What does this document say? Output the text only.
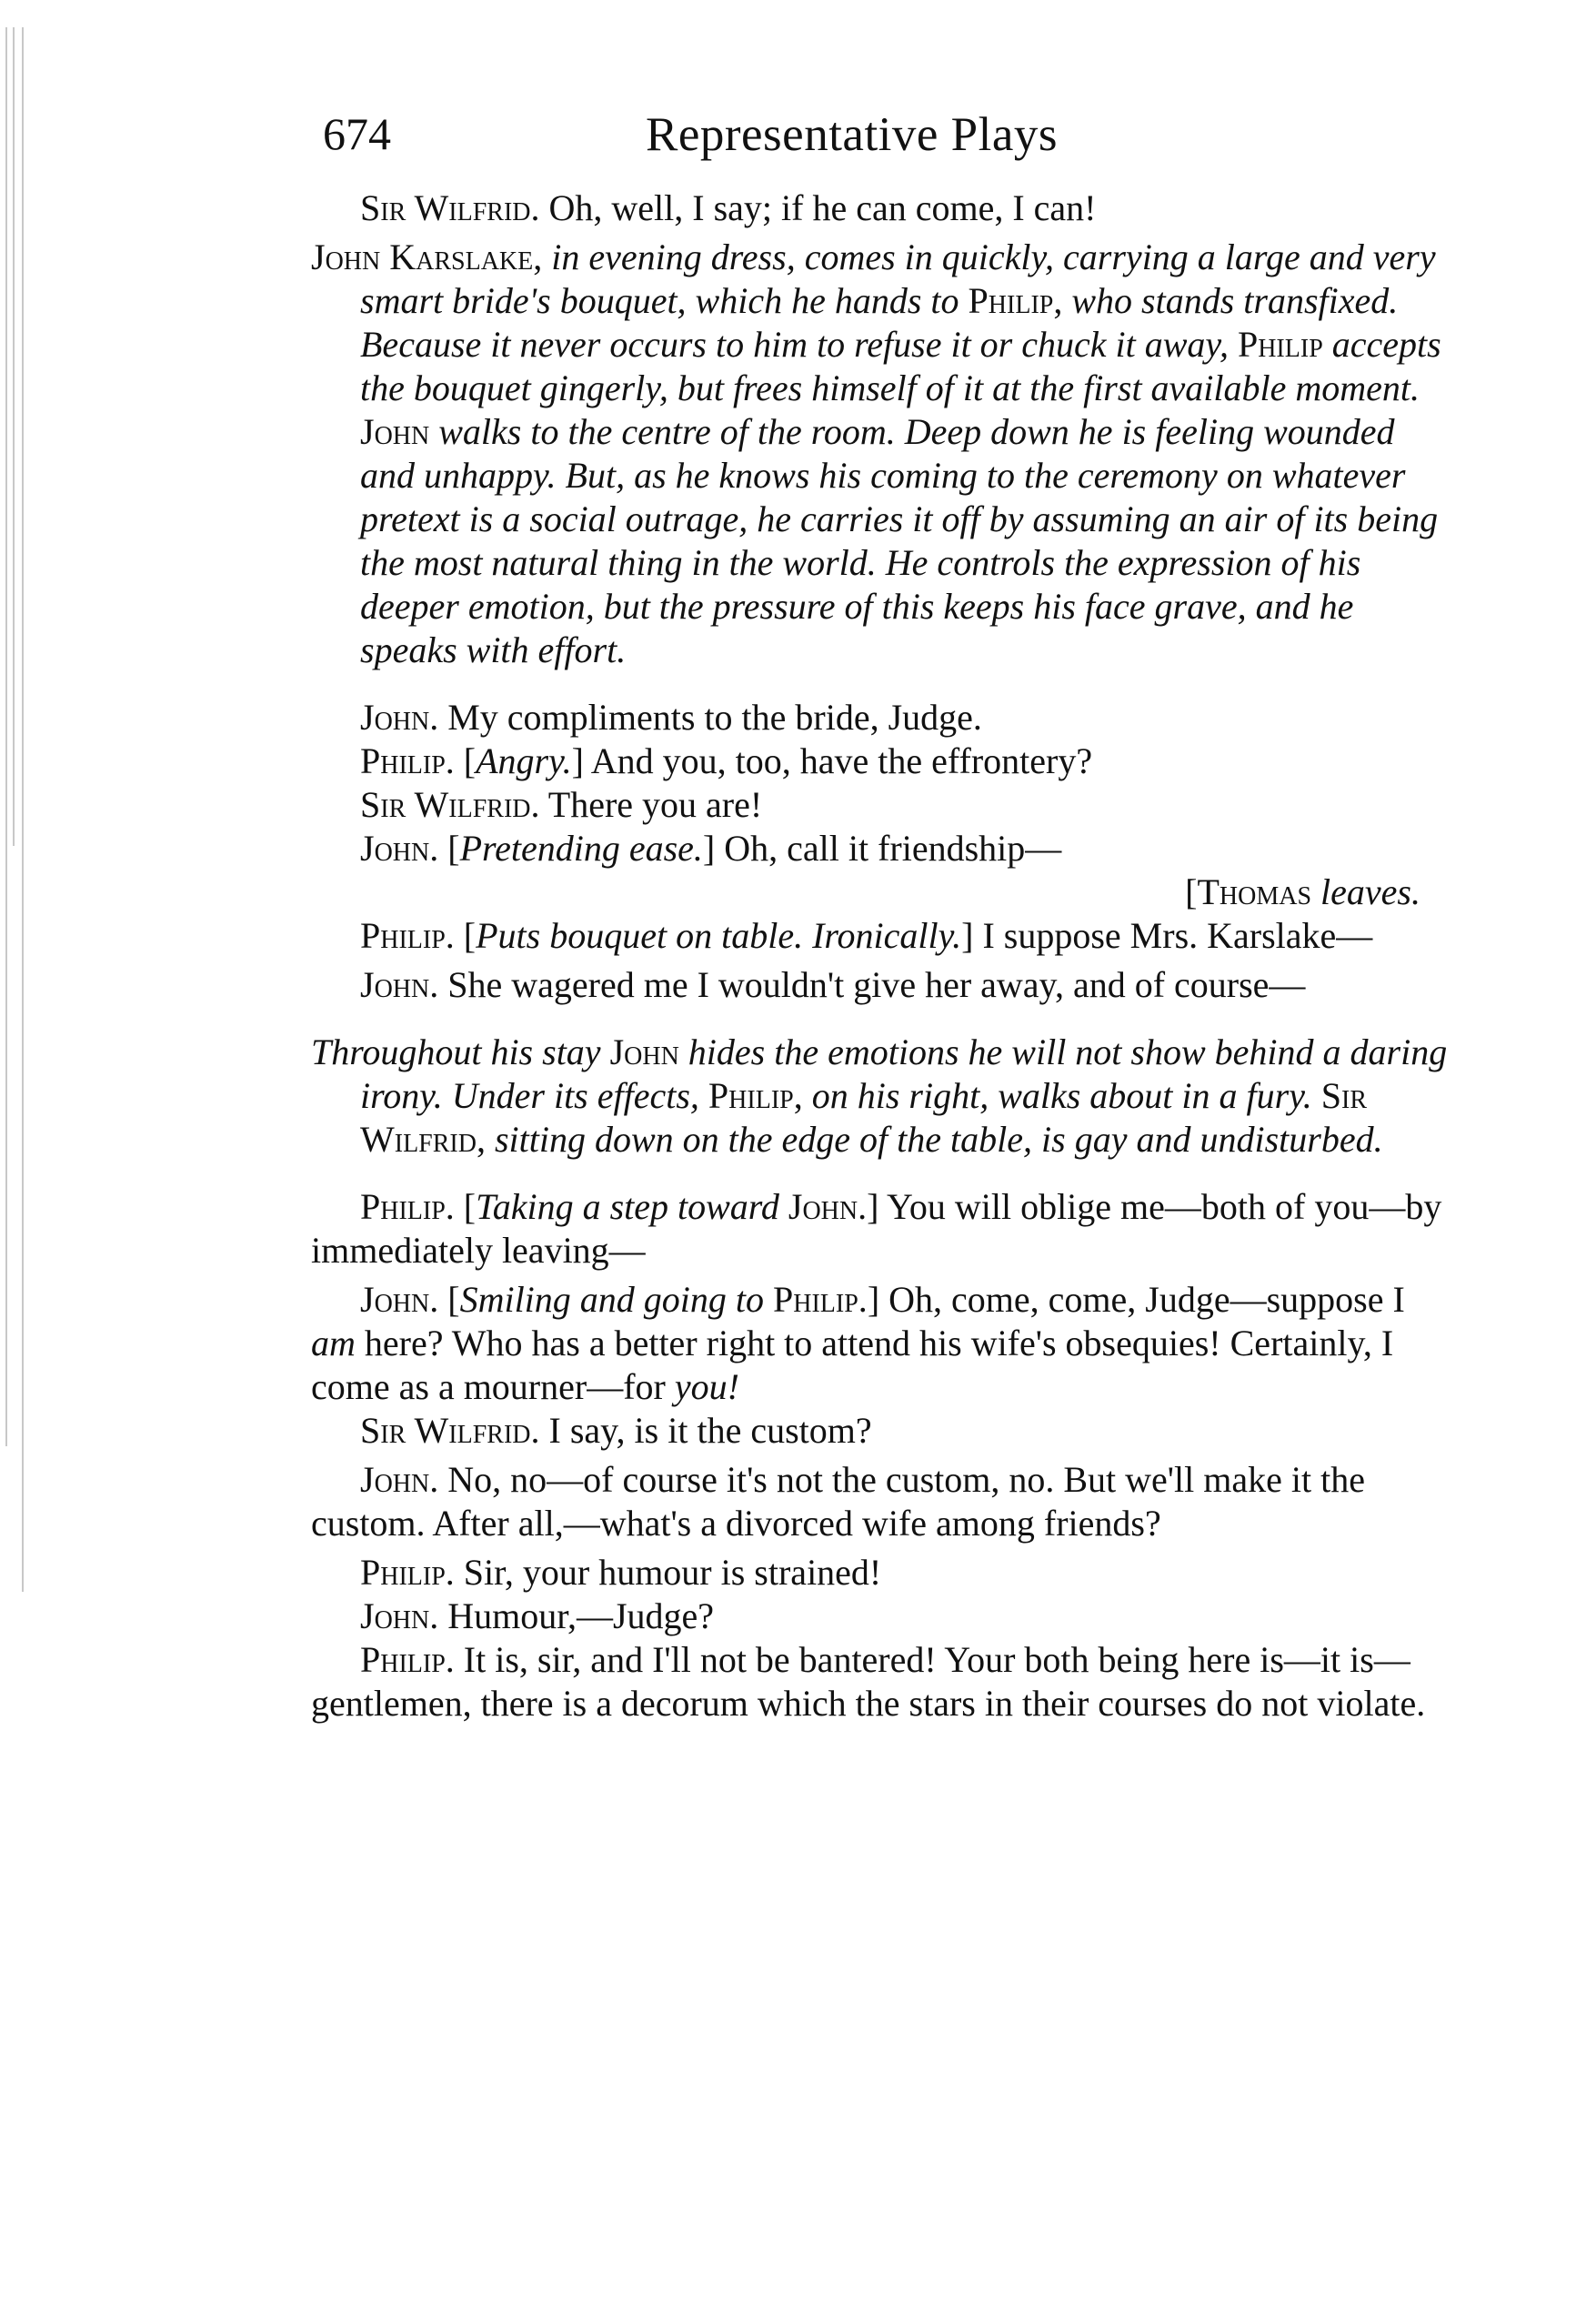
674	Representative Plays

Sir Wilfrid. Oh, well, I say; if he can come, I can!

John Karslake, in evening dress, comes in quickly, carrying a large and very smart bride's bouquet, which he hands to Philip, who stands transfixed. Because it never occurs to him to refuse it or chuck it away, Philip accepts the bouquet gingerly, but frees himself of it at the first available moment. John walks to the centre of the room. Deep down he is feeling wounded and unhappy. But, as he knows his coming to the ceremony on whatever pretext is a social outrage, he carries it off by assuming an air of its being the most natural thing in the world. He controls the expression of his deeper emotion, but the pressure of this keeps his face grave, and he speaks with effort.

John. My compliments to the bride, Judge.

Philip. [Angry.] And you, too, have the effrontery?

Sir Wilfrid. There you are!

John. [Pretending ease.] Oh, call it friendship—

[Thomas leaves.

Philip. [Puts bouquet on table. Ironically.] I suppose Mrs. Karslake—

John. She wagered me I wouldn't give her away, and of course—

Throughout his stay John hides the emotions he will not show behind a daring irony. Under its effects, Philip, on his right, walks about in a fury. Sir Wilfrid, sitting down on the edge of the table, is gay and undisturbed.

Philip. [Taking a step toward John.] You will oblige me—both of you—by immediately leaving—

John. [Smiling and going to Philip.] Oh, come, come, Judge—suppose I am here? Who has a better right to attend his wife's obsequies! Certainly, I come as a mourner—for you!

Sir Wilfrid. I say, is it the custom?

John. No, no—of course it's not the custom, no. But we'll make it the custom. After all,—what's a divorced wife among friends?

Philip. Sir, your humour is strained!

John. Humour,—Judge?

Philip. It is, sir, and I'll not be bantered! Your both being here is—it is—gentlemen, there is a decorum which the stars in their courses do not violate.
